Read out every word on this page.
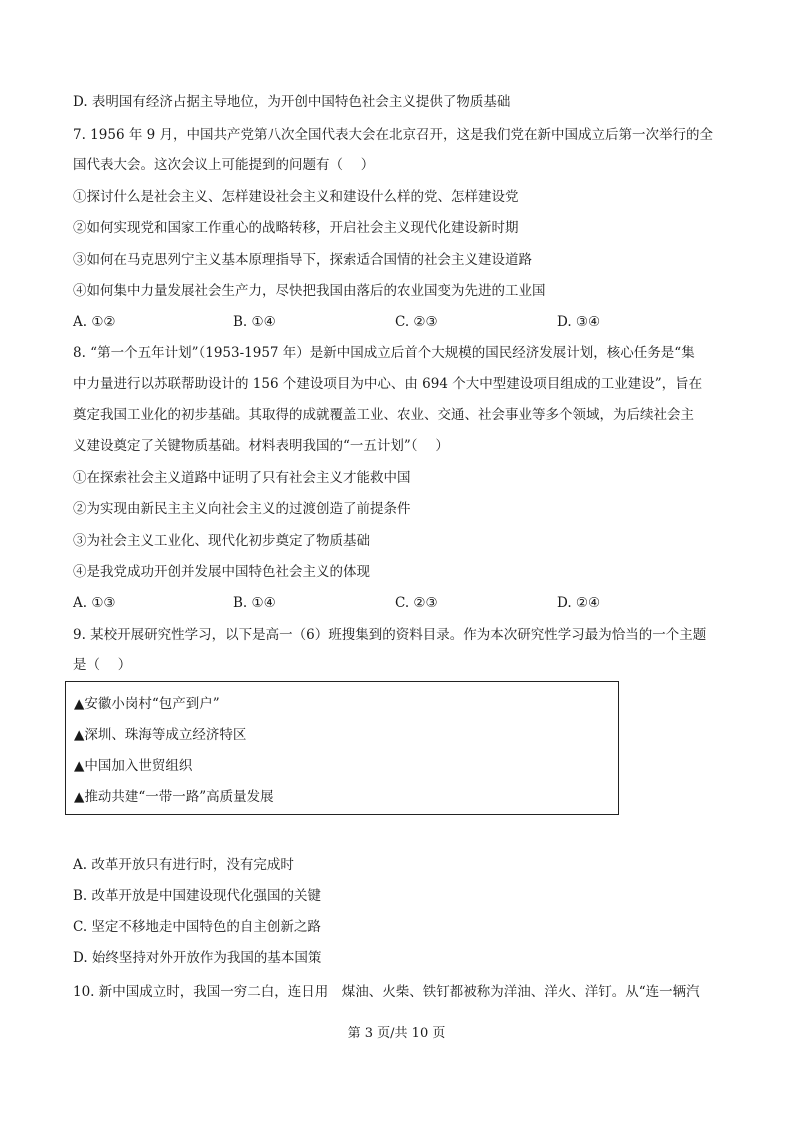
D. 表明国有经济占据主导地位，为开创中国特色社会主义提供了物质基础
7. 1956 年 9 月，中国共产党第八次全国代表大会在北京召开，这是我们党在新中国成立后第一次举行的全
国代表大会。这次会议上可能提到的问题有（　 ）
①探讨什么是社会主义、怎样建设社会主义和建设什么样的党、怎样建设党
②如何实现党和国家工作重心的战略转移，开启社会主义现代化建设新时期
③如何在马克思列宁主义基本原理指导下，探索适合国情的社会主义建设道路
④如何集中力量发展社会生产力，尽快把我国由落后的农业国变为先进的工业国
A. ①②	B. ①④	C. ②③	D. ③④
8. “第一个五年计划”（1953-1957 年）是新中国成立后首个大规模的国民经济发展计划，核心任务是“集
中力量进行以苏联帮助设计的 156 个建设项目为中心、由 694 个大中型建设项目组成的工业建设”，旨在
奠定我国工业化的初步基础。其取得的成就覆盖工业、农业、交通、社会事业等多个领域，为后续社会主
义建设奠定了关键物质基础。材料表明我国的“一五计划”（　 ）
①在探索社会主义道路中证明了只有社会主义才能救中国
②为实现由新民主主义向社会主义的过渡创造了前提条件
③为社会主义工业化、现代化初步奠定了物质基础
④是我党成功开创并发展中国特色社会主义的体现
A. ①③	B. ①④	C. ②③	D. ②④
9. 某校开展研究性学习，以下是高一（6）班搜集到的资料目录。作为本次研究性学习最为恰当的一个主题
是（　 ）
▲安徽小岗村“包产到户”
▲深圳、珠海等成立经济特区
▲中国加入世贸组织
▲推动共建“一带一路”高质量发展
A. 改革开放只有进行时，没有完成时
B. 改革开放是中国建设现代化强国的关键
C. 坚定不移地走中国特色的自主创新之路
D. 始终坚持对外开放作为我国的基本国策
10. 新中国成立时，我国一穷二白，连日用　煤油、火柴、铁钉都被称为洋油、洋火、洋钉。从“连一辆汽
第 3 页/共 10 页
